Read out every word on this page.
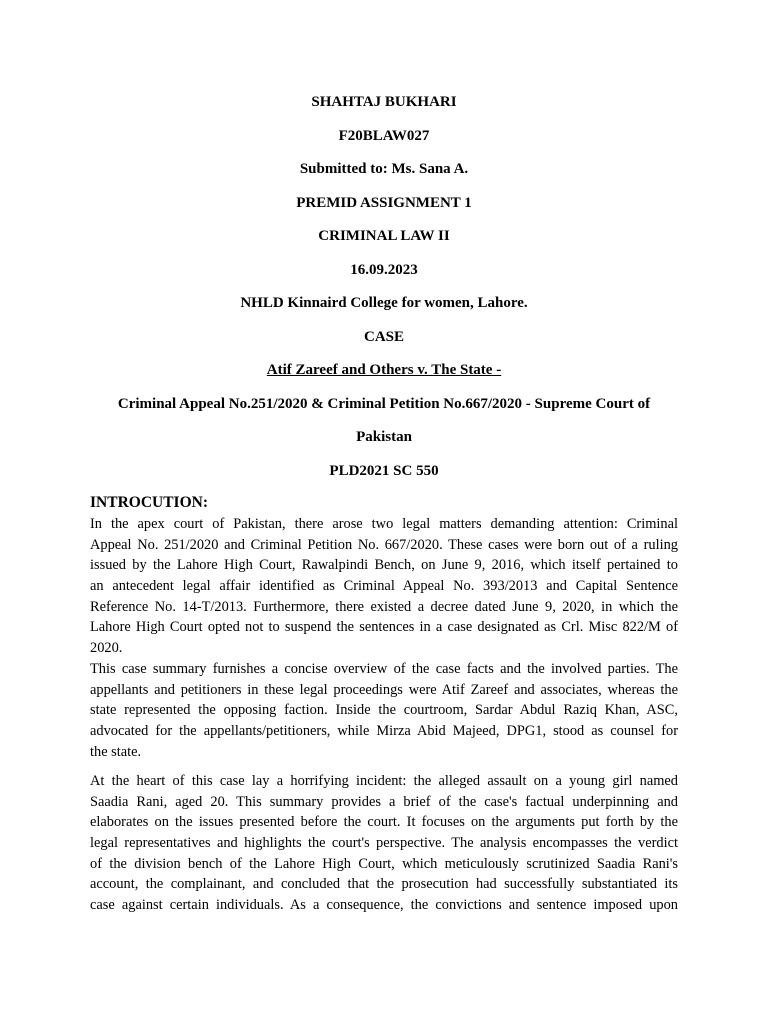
SHAHTAJ BUKHARI
F20BLAW027
Submitted to: Ms. Sana A.
PREMID ASSIGNMENT 1
CRIMINAL LAW II
16.09.2023
NHLD Kinnaird College for women, Lahore.
CASE
Atif Zareef and Others v. The State -
Criminal Appeal No.251/2020 & Criminal Petition No.667/2020 - Supreme Court of
Pakistan
PLD2021 SC 550
INTROCUTION:
In the apex court of Pakistan, there arose two legal matters demanding attention: Criminal
Appeal No. 251/2020 and Criminal Petition No. 667/2020. These cases were born out of a ruling
issued by the Lahore High Court, Rawalpindi Bench, on June 9, 2016, which itself pertained to
an antecedent legal affair identified as Criminal Appeal No. 393/2013 and Capital Sentence
Reference No. 14-T/2013. Furthermore, there existed a decree dated June 9, 2020, in which the
Lahore High Court opted not to suspend the sentences in a case designated as Crl. Misc 822/M of
2020.
This case summary furnishes a concise overview of the case facts and the involved parties. The
appellants and petitioners in these legal proceedings were Atif Zareef and associates, whereas the
state represented the opposing faction. Inside the courtroom, Sardar Abdul Raziq Khan, ASC,
advocated for the appellants/petitioners, while Mirza Abid Majeed, DPG1, stood as counsel for
the state.
At the heart of this case lay a horrifying incident: the alleged assault on a young girl named
Saadia Rani, aged 20. This summary provides a brief of the case's factual underpinning and
elaborates on the issues presented before the court. It focuses on the arguments put forth by the
legal representatives and highlights the court's perspective. The analysis encompasses the verdict
of the division bench of the Lahore High Court, which meticulously scrutinized Saadia Rani's
account, the complainant, and concluded that the prosecution had successfully substantiated its
case against certain individuals. As a consequence, the convictions and sentence imposed upon
